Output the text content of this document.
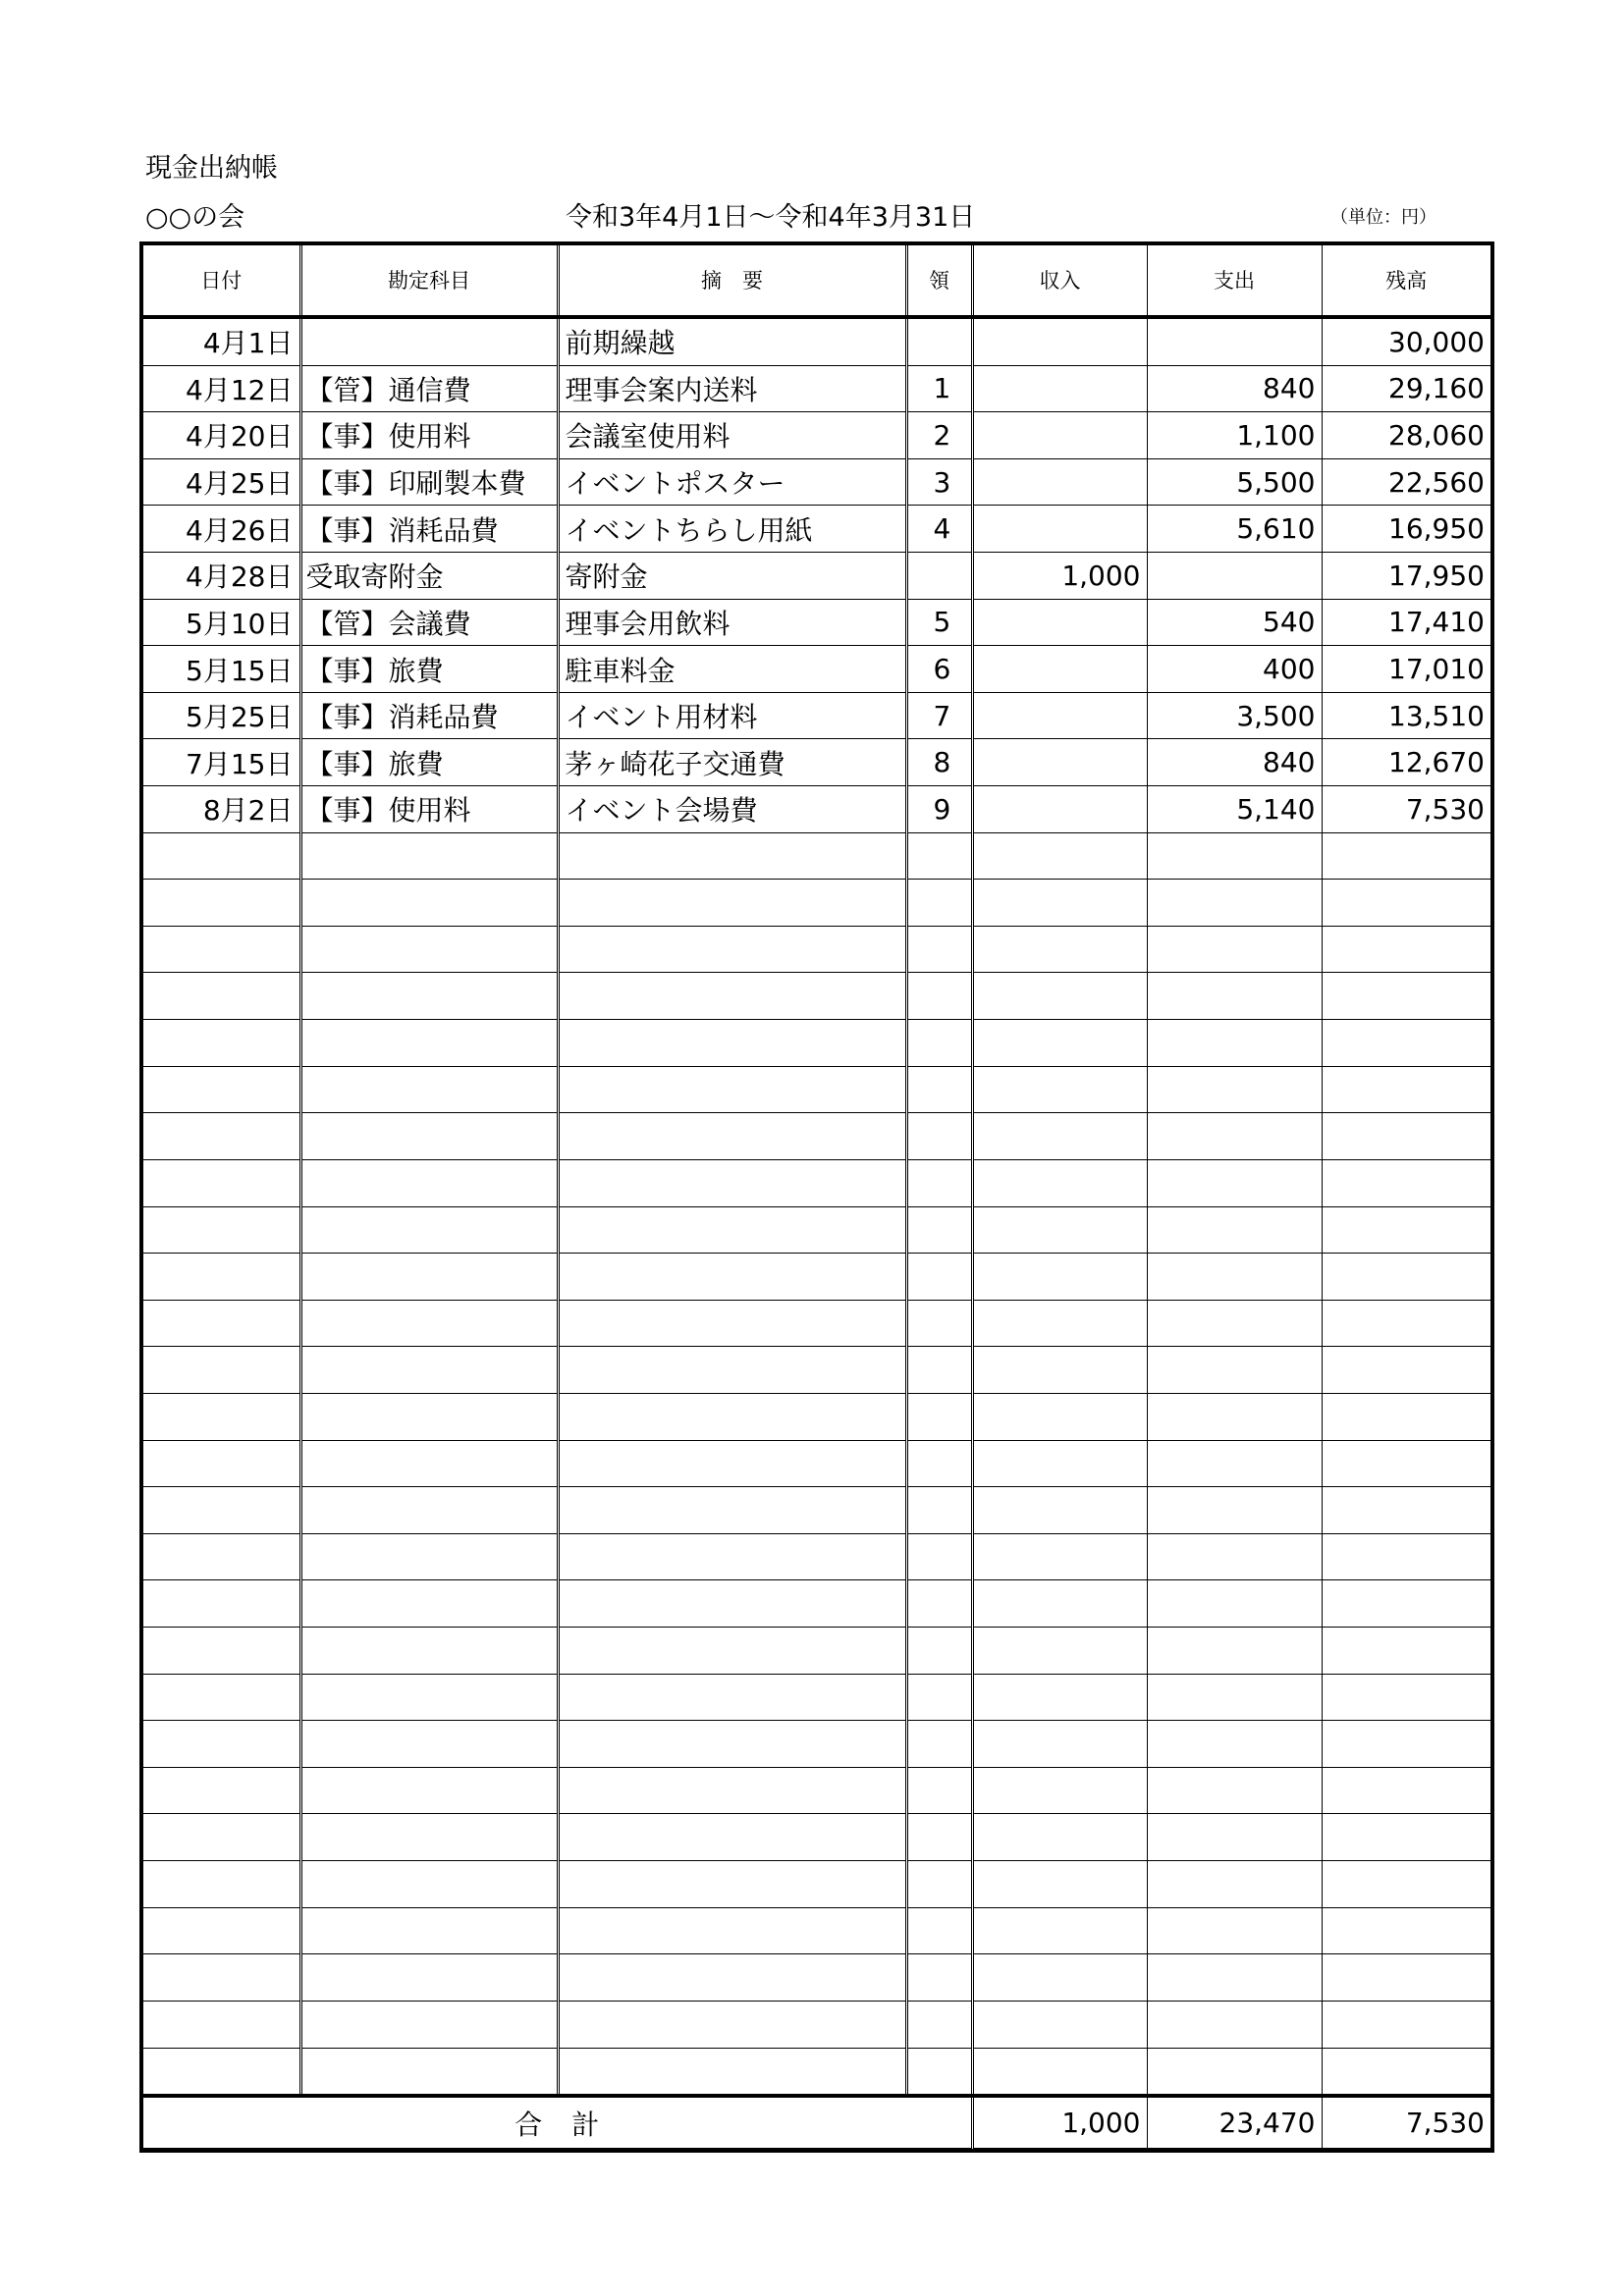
現金出納帳
○○の会	令和3年4月1日～令和4年3月31日	（単位：円）
日付	勘定科目	摘　要	領	収入	支出	残高
4月1日		前期繰越				30,000
4月12日	【管】通信費	理事会案内送料	1		840	29,160
4月20日	【事】使用料	会議室使用料	2		1,100	28,060
4月25日	【事】印刷製本費	イベントポスター	3		5,500	22,560
4月26日	【事】消耗品費	イベントちらし用紙	4		5,610	16,950
4月28日	受取寄附金	寄附金		1,000		17,950
5月10日	【管】会議費	理事会用飲料	5		540	17,410
5月15日	【事】旅費	駐車料金	6		400	17,010
5月25日	【事】消耗品費	イベント用材料	7		3,500	13,510
7月15日	【事】旅費	茅ヶ崎花子交通費	8		840	12,670
8月2日	【事】使用料	イベント会場費	9		5,140	7,530

合計				1,000	23,470	7,530
